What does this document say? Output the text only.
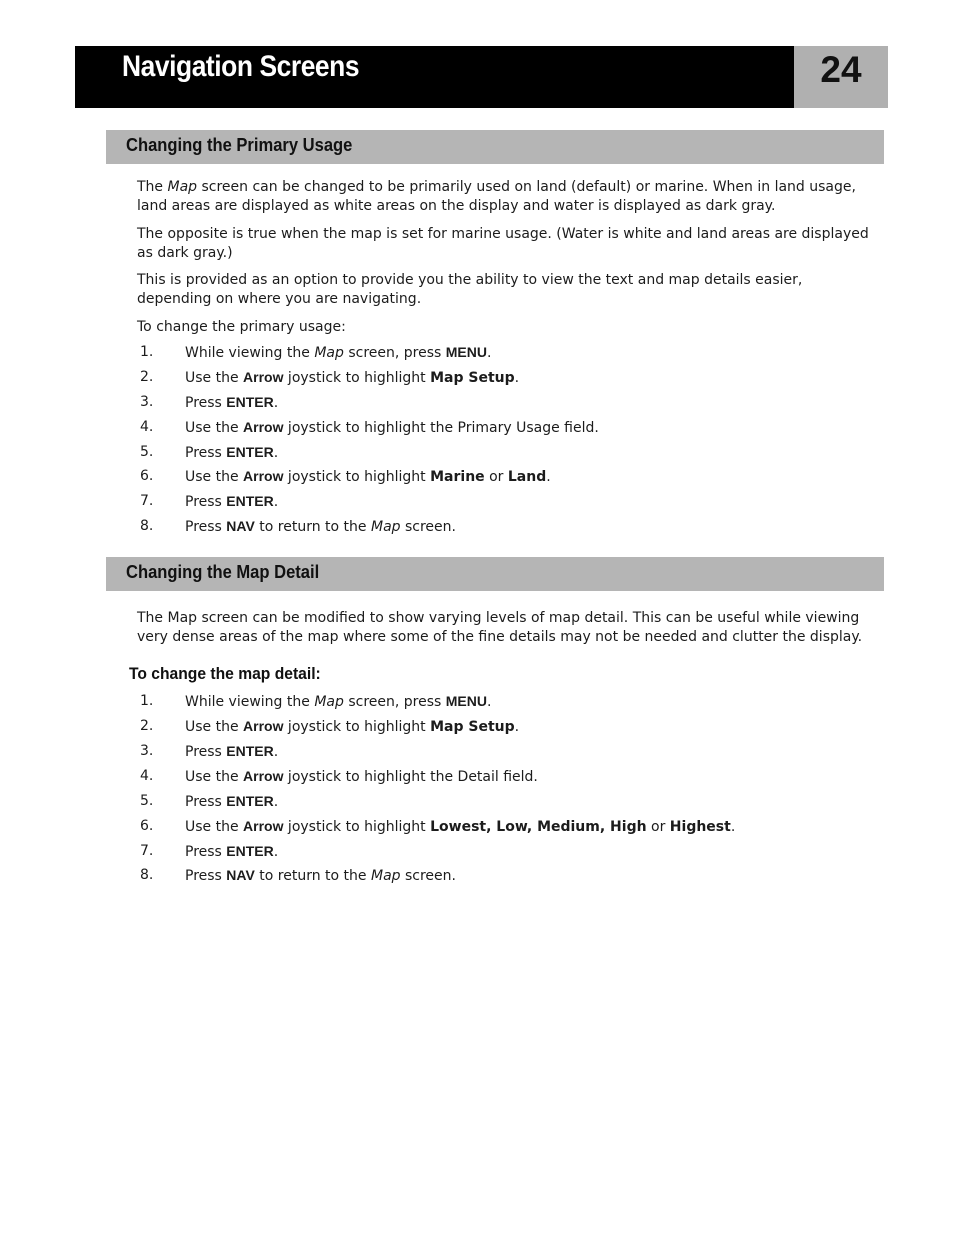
Navigation Screens	24
Changing the Primary Usage
The Map screen can be changed to be primarily used on land (default) or marine. When in land usage, land areas are displayed as white areas on the display and water is displayed as dark gray.
The opposite is true when the map is set for marine usage. (Water is white and land areas are displayed as dark gray.)
This is provided as an option to provide you the ability to view the text and map details easier, depending on where you are navigating.
To change the primary usage:
1. While viewing the Map screen, press MENU.
2. Use the Arrow joystick to highlight Map Setup.
3. Press ENTER.
4. Use the Arrow joystick to highlight the Primary Usage field.
5. Press ENTER.
6. Use the Arrow joystick to highlight Marine or Land.
7. Press ENTER.
8. Press NAV to return to the Map screen.
Changing the Map Detail
The Map screen can be modified to show varying levels of map detail. This can be useful while viewing very dense areas of the map where some of the fine details may not be needed and clutter the display.
To change the map detail:
1. While viewing the Map screen, press MENU.
2. Use the Arrow joystick to highlight Map Setup.
3. Press ENTER.
4. Use the Arrow joystick to highlight the Detail field.
5. Press ENTER.
6. Use the Arrow joystick to highlight Lowest, Low, Medium, High or Highest.
7. Press ENTER.
8. Press NAV to return to the Map screen.
